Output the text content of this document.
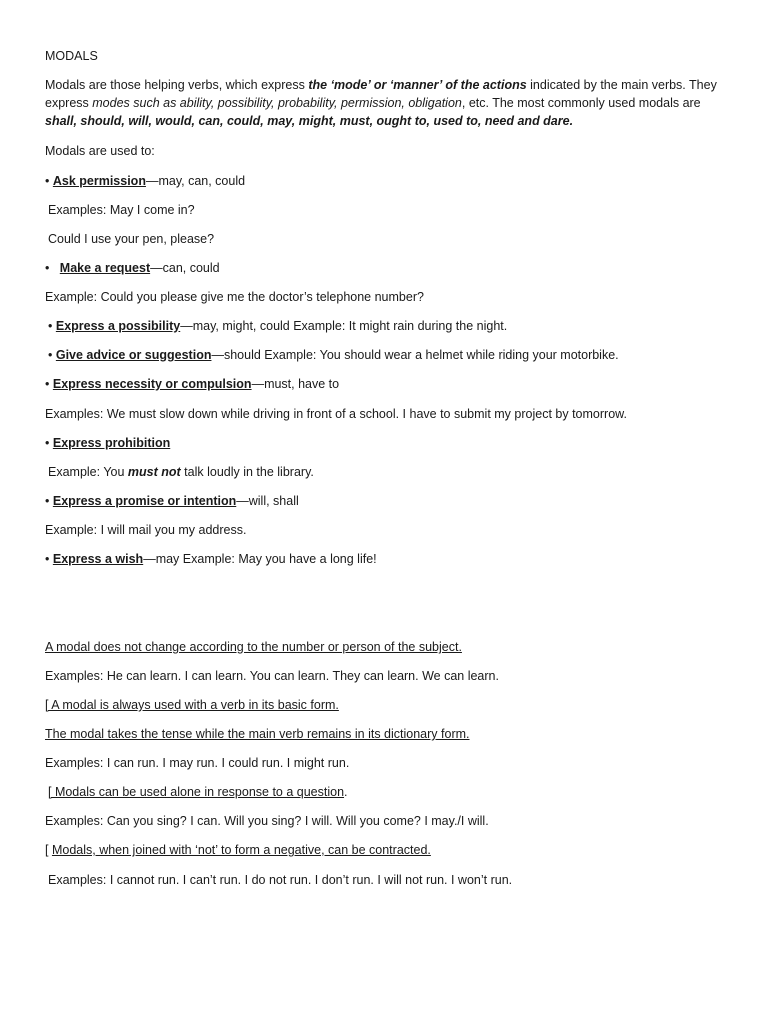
MODALS

Modals are those helping verbs, which express the ‘mode’ or ‘manner’ of the actions indicated by the main verbs. They express modes such as ability, possibility, probability, permission, obligation, etc. The most commonly used modals are shall, should, will, would, can, could, may, might, must, ought to, used to, need and dare.

Modals are used to:

• Ask permission—may, can, could

Examples: May I come in?

Could I use your pen, please?

•   Make a request—can, could

Example: Could you please give me the doctor’s telephone number?

• Express a possibility—may, might, could Example: It might rain during the night.

• Give advice or suggestion—should Example: You should wear a helmet while riding your motorbike.

• Express necessity or compulsion—must, have to

Examples: We must slow down while driving in front of a school. I have to submit my project by tomorrow.

• Express prohibition

Example: You must not talk loudly in the library.

• Express a promise or intention—will, shall

Example: I will mail you my address.

• Express a wish—may Example: May you have a long life!

A modal does not change according to the number or person of the subject.

Examples: He can learn. I can learn. You can learn. They can learn. We can learn.

[ A modal is always used with a verb in its basic form.

The modal takes the tense while the main verb remains in its dictionary form.

Examples: I can run. I may run. I could run. I might run.

[ Modals can be used alone in response to a question.

Examples: Can you sing? I can. Will you sing? I will. Will you come? I may./I will.

[ Modals, when joined with ‘not’ to form a negative, can be contracted.

Examples: I cannot run. I can’t run. I do not run. I don’t run. I will not run. I won’t run.
